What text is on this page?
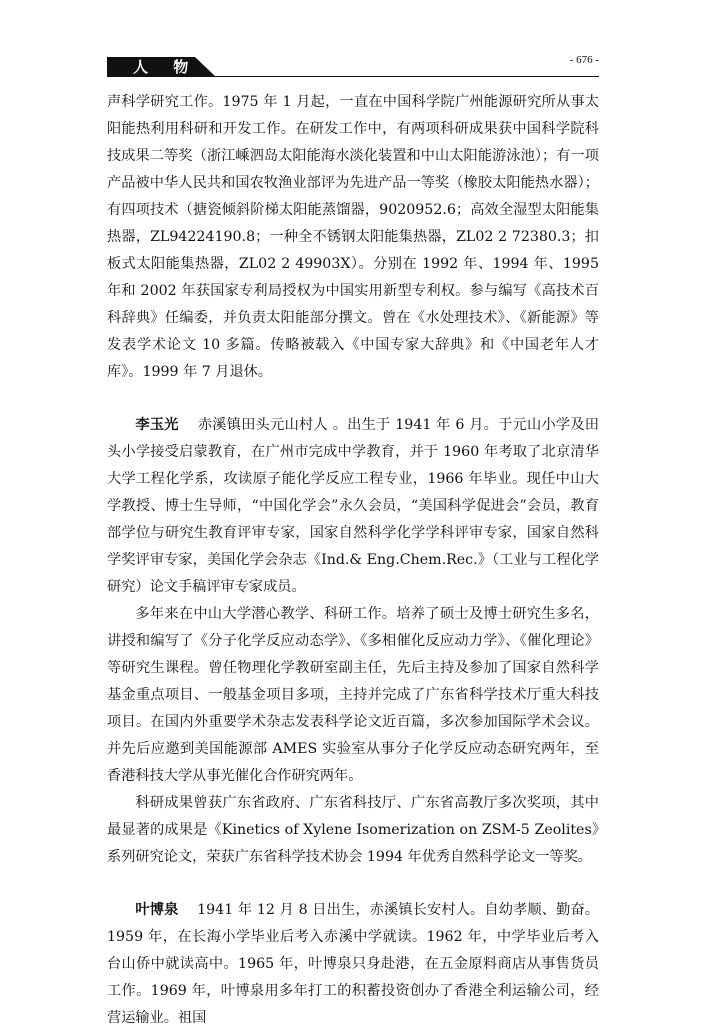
人 物	- 676 -

声科学研究工作。1975 年 1 月起，一直在中国科学院广州能源研究所从事太阳能热利用科研和开发工作。在研发工作中，有两项科研成果获中国科学院科技成果二等奖（浙江嵊泗岛太阳能海水淡化装置和中山太阳能游泳池）；有一项产品被中华人民共和国农牧渔业部评为先进产品一等奖（橡胶太阳能热水器）；有四项技术（搪瓷倾斜阶梯太阳能蒸馏器，9020952.6；高效全湿型太阳能集热器，ZL94224190.8；一种全不锈钢太阳能集热器，ZL02 2 72380.3；扣板式太阳能集热器，ZL02 2 49903X）。分别在 1992 年、1994 年、1995 年和 2002 年获国家专利局授权为中国实用新型专利权。参与编写《高技术百科辞典》任编委，并负责太阳能部分撰文。曾在《水处理技术》、《新能源》等发表学术论文 10 多篇。传略被载入《中国专家大辞典》和《中国老年人才库》。1999 年 7 月退休。

李玉光 赤溪镇田头元山村人 。出生于 1941 年 6 月。于元山小学及田头小学接受启蒙教育，在广州市完成中学教育，并于 1960 年考取了北京清华大学工程化学系，攻读原子能化学反应工程专业，1966 年毕业。现任中山大学教授、博士生导师，“中国化学会”永久会员，“美国科学促进会”会员，教育部学位与研究生教育评审专家，国家自然科学化学学科评审专家，国家自然科学奖评审专家，美国化学会杂志《Ind.& Eng.Chem.Rec.》（工业与工程化学研究）论文手稿评审专家成员。

多年来在中山大学潜心教学、科研工作。培养了硕士及博士研究生多名，讲授和编写了《分子化学反应动态学》、《多相催化反应动力学》、《催化理论》等研究生课程。曾任物理化学教研室副主任，先后主持及参加了国家自然科学基金重点项目、一般基金项目多项，主持并完成了广东省科学技术厅重大科技项目。在国内外重要学术杂志发表科学论文近百篇，多次参加国际学术会议。并先后应邀到美国能源部 AMES 实验室从事分子化学反应动态研究两年，至香港科技大学从事光催化合作研究两年。

科研成果曾获广东省政府、广东省科技厅、广东省高教厅多次奖项，其中最显著的成果是《Kinetics of Xylene Isomerization on ZSM-5 Zeolites》系列研究论文，荣获广东省科学技术协会 1994 年优秀自然科学论文一等奖。

叶博泉 1941 年 12 月 8 日出生，赤溪镇长安村人。自幼孝顺、勤奋。1959 年，在长海小学毕业后考入赤溪中学就读。1962 年，中学毕业后考入台山侨中就读高中。1965 年，叶博泉只身赴港，在五金原料商店从事售货员工作。1969 年，叶博泉用多年打工的积蓄投资创办了香港全利运输公司，经营运输业。祖国
